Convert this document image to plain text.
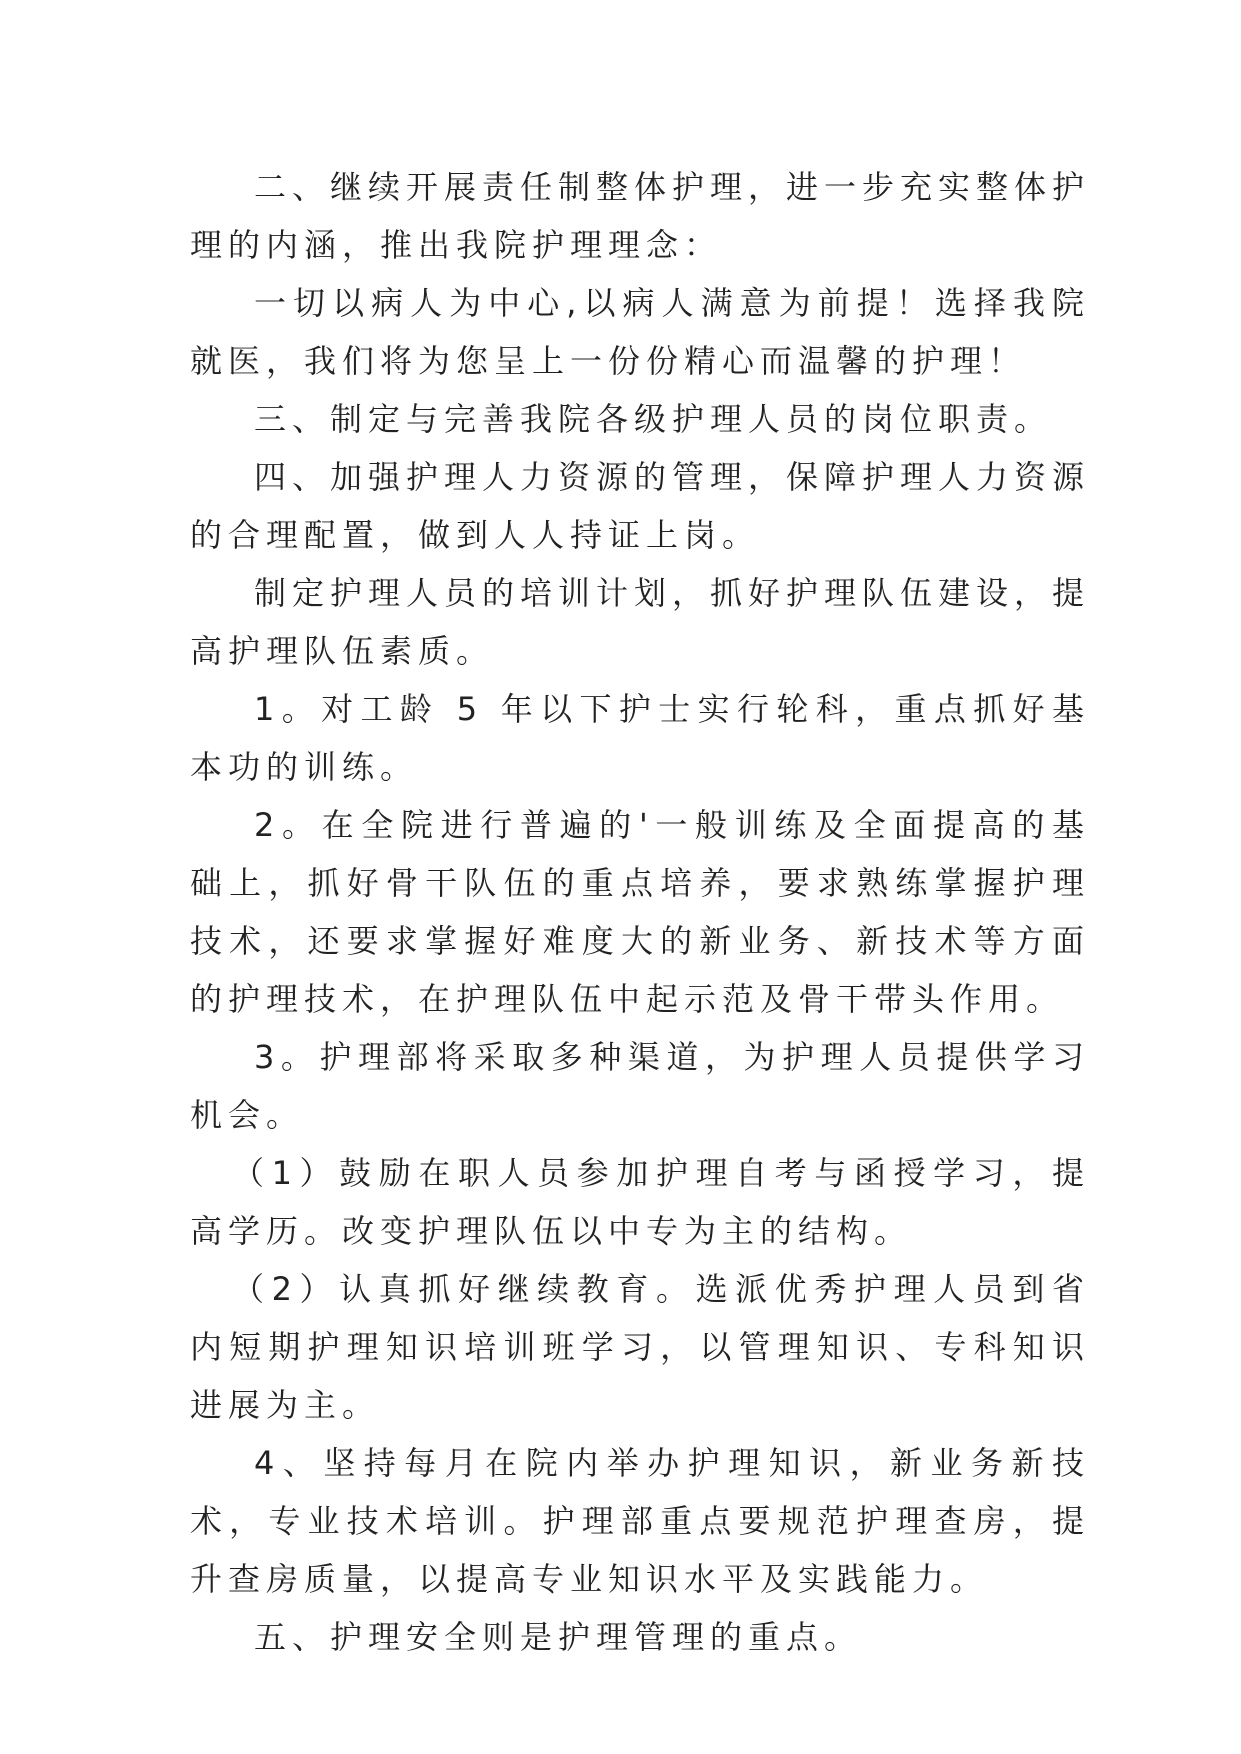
二、继续开展责任制整体护理，进一步充实整体护理的内涵，推出我院护理理念：

一切以病人为中心,以病人满意为前提！选择我院就医，我们将为您呈上一份份精心而温馨的护理！

三、制定与完善我院各级护理人员的岗位职责。

四、加强护理人力资源的管理，保障护理人力资源的合理配置，做到人人持证上岗。

制定护理人员的培训计划，抓好护理队伍建设，提高护理队伍素质。

1。对工龄 5 年以下护士实行轮科，重点抓好基本功的训练。

2。在全院进行普遍的'一般训练及全面提高的基础上，抓好骨干队伍的重点培养，要求熟练掌握护理技术，还要求掌握好难度大的新业务、新技术等方面的护理技术，在护理队伍中起示范及骨干带头作用。

3。护理部将采取多种渠道，为护理人员提供学习机会。

（1）鼓励在职人员参加护理自考与函授学习，提高学历。改变护理队伍以中专为主的结构。

（2）认真抓好继续教育。选派优秀护理人员到省内短期护理知识培训班学习，以管理知识、专科知识进展为主。

4、坚持每月在院内举办护理知识，新业务新技术，专业技术培训。护理部重点要规范护理查房，提升查房质量，以提高专业知识水平及实践能力。

五、护理安全则是护理管理的重点。
